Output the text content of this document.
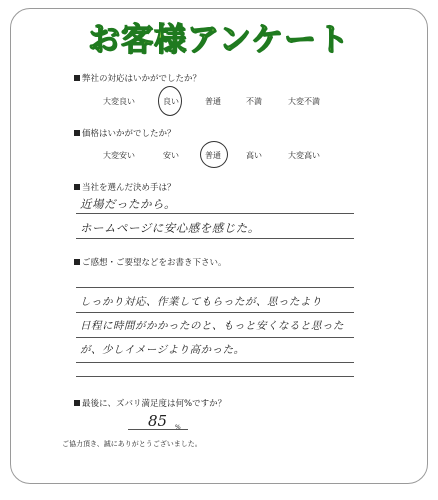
お客様アンケート
弊社の対応はいかがでしたか？
大変良い	良い	普通	不満	大変不満
価格はいかがでしたか？
大変安い	安い	普通	高い	大変高い
当社を選んだ決め手は？
近場だったから。
ホームページに安心感を感じた。
ご感想・ご要望などをお書き下さい。
しっかり対応、作業してもらったが、思ったより
日程に時間がかかったのと、もっと安くなると思った
が、少しイメージより高かった。
最後に、ズバリ満足度は何%ですか？
85 %
ご協力頂き、誠にありがとうございました。
